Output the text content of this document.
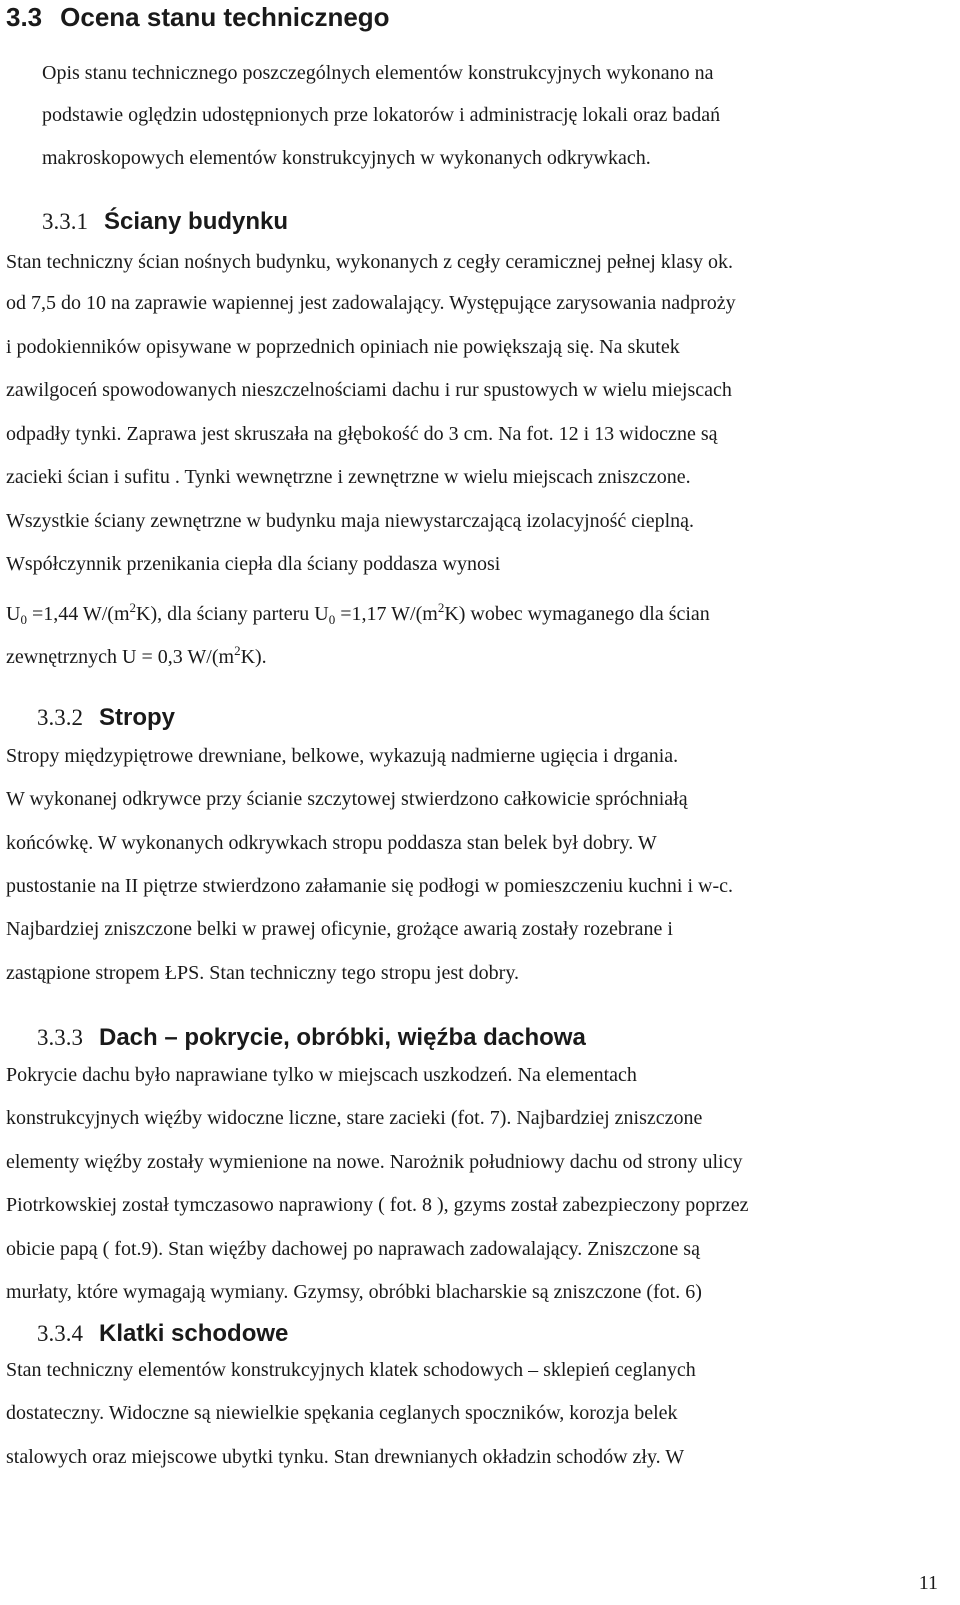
3.3 Ocena stanu technicznego
Opis stanu technicznego poszczególnych elementów konstrukcyjnych wykonano na
podstawie oględzin udostępnionych prze lokatorów i administrację lokali oraz badań
makroskopowych elementów konstrukcyjnych w wykonanych odkrywkach.
3.3.1 Ściany budynku
Stan techniczny ścian nośnych budynku, wykonanych z cegły ceramicznej pełnej klasy ok.
od 7,5 do 10 na zaprawie wapiennej jest zadowalający. Występujące zarysowania nadproży
i podokienników opisywane w poprzednich opiniach nie powiększają się. Na skutek
zawilgoceń spowodowanych nieszczelnościami dachu i rur spustowych w wielu miejscach
odpadły tynki. Zaprawa jest skruszała na głębokość do 3 cm. Na fot. 12 i 13 widoczne są
zacieki ścian i sufitu . Tynki wewnętrzne i zewnętrzne w wielu miejscach zniszczone.
Wszystkie ściany zewnętrzne w budynku maja niewystarczającą izolacyjność cieplną.
Współczynnik przenikania ciepła dla ściany poddasza wynosi
$U_0 =1,44$ $W/(m^2K)$, dla ściany parteru $U_0 =1,17$ $W/(m^2K)$ wobec wymaganego dla ścian
zewnętrznych U = 0,3 $W/(m^2K)$.
3.3.2 Stropy
Stropy międzypiętrowe drewniane, belkowe, wykazują nadmierne ugięcia i drgania.
W wykonanej odkrywce przy ścianie szczytowej stwierdzono całkowicie spróchniałą
końcówkę. W wykonanych odkrywkach stropu poddasza stan belek był dobry. W
pustostanie na II piętrze stwierdzono załamanie się podłogi w pomieszczeniu kuchni i w-c.
Najbardziej zniszczone belki w prawej oficynie, grożące awarią zostały rozebrane i
zastąpione stropem ŁPS. Stan techniczny tego stropu jest dobry.
3.3.3 Dach – pokrycie, obróbki, więźba dachowa
Pokrycie dachu było naprawiane tylko w miejscach uszkodzeń. Na elementach
konstrukcyjnych więźby widoczne liczne, stare zacieki (fot. 7). Najbardziej zniszczone
elementy więźby zostały wymienione na nowe. Narożnik południowy dachu od strony ulicy
Piotrkowskiej został tymczasowo naprawiony ( fot. 8 ), gzyms został zabezpieczony poprzez
obicie papą ( fot.9). Stan więźby dachowej po naprawach zadowalający. Zniszczone są
murłaty, które wymagają wymiany. Gzymsy, obróbki blacharskie są zniszczone (fot. 6)
3.3.4 Klatki schodowe
Stan techniczny elementów konstrukcyjnych klatek schodowych – sklepień ceglanych
dostateczny. Widoczne są niewielkie spękania ceglanych spoczników, korozja belek
stalowych oraz miejscowe ubytki tynku. Stan drewnianych okładzin schodów zły. W
11
